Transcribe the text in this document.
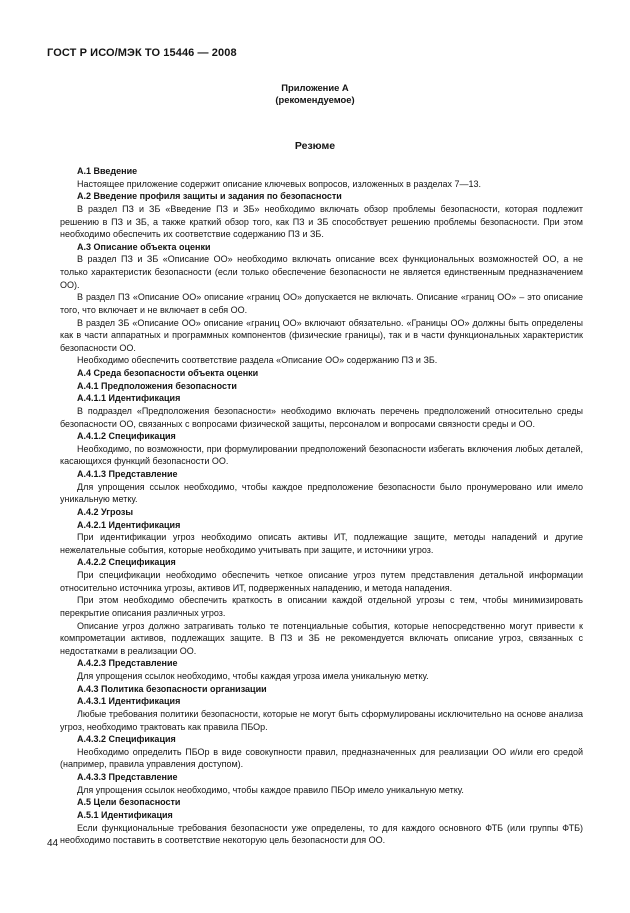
ГОСТ Р ИСО/МЭК ТО 15446 — 2008
Приложение А
(рекомендуемое)
Резюме

А.1 Введение

Настоящее приложение содержит описание ключевых вопросов, изложенных в разделах 7—13.

А.2 Введение профиля защиты и задания по безопасности

В раздел ПЗ и ЗБ «Введение ПЗ и ЗБ» необходимо включать обзор проблемы безопасности, которая подлежит решению в ПЗ и ЗБ, а также краткий обзор того, как ПЗ и ЗБ способствует решению проблемы безопасности. При этом необходимо обеспечить их соответствие содержанию ПЗ и ЗБ.

А.3 Описание объекта оценки

В раздел ПЗ и ЗБ «Описание ОО» необходимо включать описание всех функциональных возможностей ОО, а не только характеристик безопасности (если только обеспечение безопасности не является единственным предназначением ОО).

В раздел ПЗ «Описание ОО» описание «границ ОО» допускается не включать. Описание «границ ОО» – это описание того, что включает и не включает в себя ОО.

В раздел ЗБ «Описание ОО» описание «границ ОО» включают обязательно. «Границы ОО» должны быть определены как в части аппаратных и программных компонентов (физические границы), так и в части функциональных характеристик безопасности ОО.

Необходимо обеспечить соответствие раздела «Описание ОО» содержанию ПЗ и ЗБ.

А.4 Среда безопасности объекта оценки

А.4.1 Предположения безопасности

А.4.1.1 Идентификация

В подраздел «Предположения безопасности» необходимо включать перечень предположений относительно среды безопасности ОО, связанных с вопросами физической защиты, персоналом и вопросами связности среды и ОО.

А.4.1.2 Спецификация

Необходимо, по возможности, при формулировании предположений безопасности избегать включения любых деталей, касающихся функций безопасности ОО.

А.4.1.3 Представление

Для упрощения ссылок необходимо, чтобы каждое предположение безопасности было пронумеровано или имело уникальную метку.

А.4.2 Угрозы

А.4.2.1 Идентификация

При идентификации угроз необходимо описать активы ИТ, подлежащие защите, методы нападений и другие нежелательные события, которые необходимо учитывать при защите, и источники угроз.

А.4.2.2 Спецификация

При спецификации необходимо обеспечить четкое описание угроз путем представления детальной информации относительно источника угрозы, активов ИТ, подверженных нападению, и метода нападения.

При этом необходимо обеспечить краткость в описании каждой отдельной угрозы с тем, чтобы минимизировать перекрытие описания различных угроз.

Описание угроз должно затрагивать только те потенциальные события, которые непосредственно могут привести к компрометации активов, подлежащих защите. В ПЗ и ЗБ не рекомендуется включать описание угроз, связанных с недостатками в реализации ОО.

А.4.2.3 Представление

Для упрощения ссылок необходимо, чтобы каждая угроза имела уникальную метку.

А.4.3 Политика безопасности организации

А.4.3.1 Идентификация

Любые требования политики безопасности, которые не могут быть сформулированы исключительно на основе анализа угроз, необходимо трактовать как правила ПБОр.

А.4.3.2 Спецификация

Необходимо определить ПБОр в виде совокупности правил, предназначенных для реализации ОО и/или его средой (например, правила управления доступом).

А.4.3.3 Представление

Для упрощения ссылок необходимо, чтобы каждое правило ПБОр имело уникальную метку.

А.5 Цели безопасности

А.5.1 Идентификация

Если функциональные требования безопасности уже определены, то для каждого основного ФТБ (или группы ФТБ) необходимо поставить в соответствие некоторую цель безопасности для ОО.

44
